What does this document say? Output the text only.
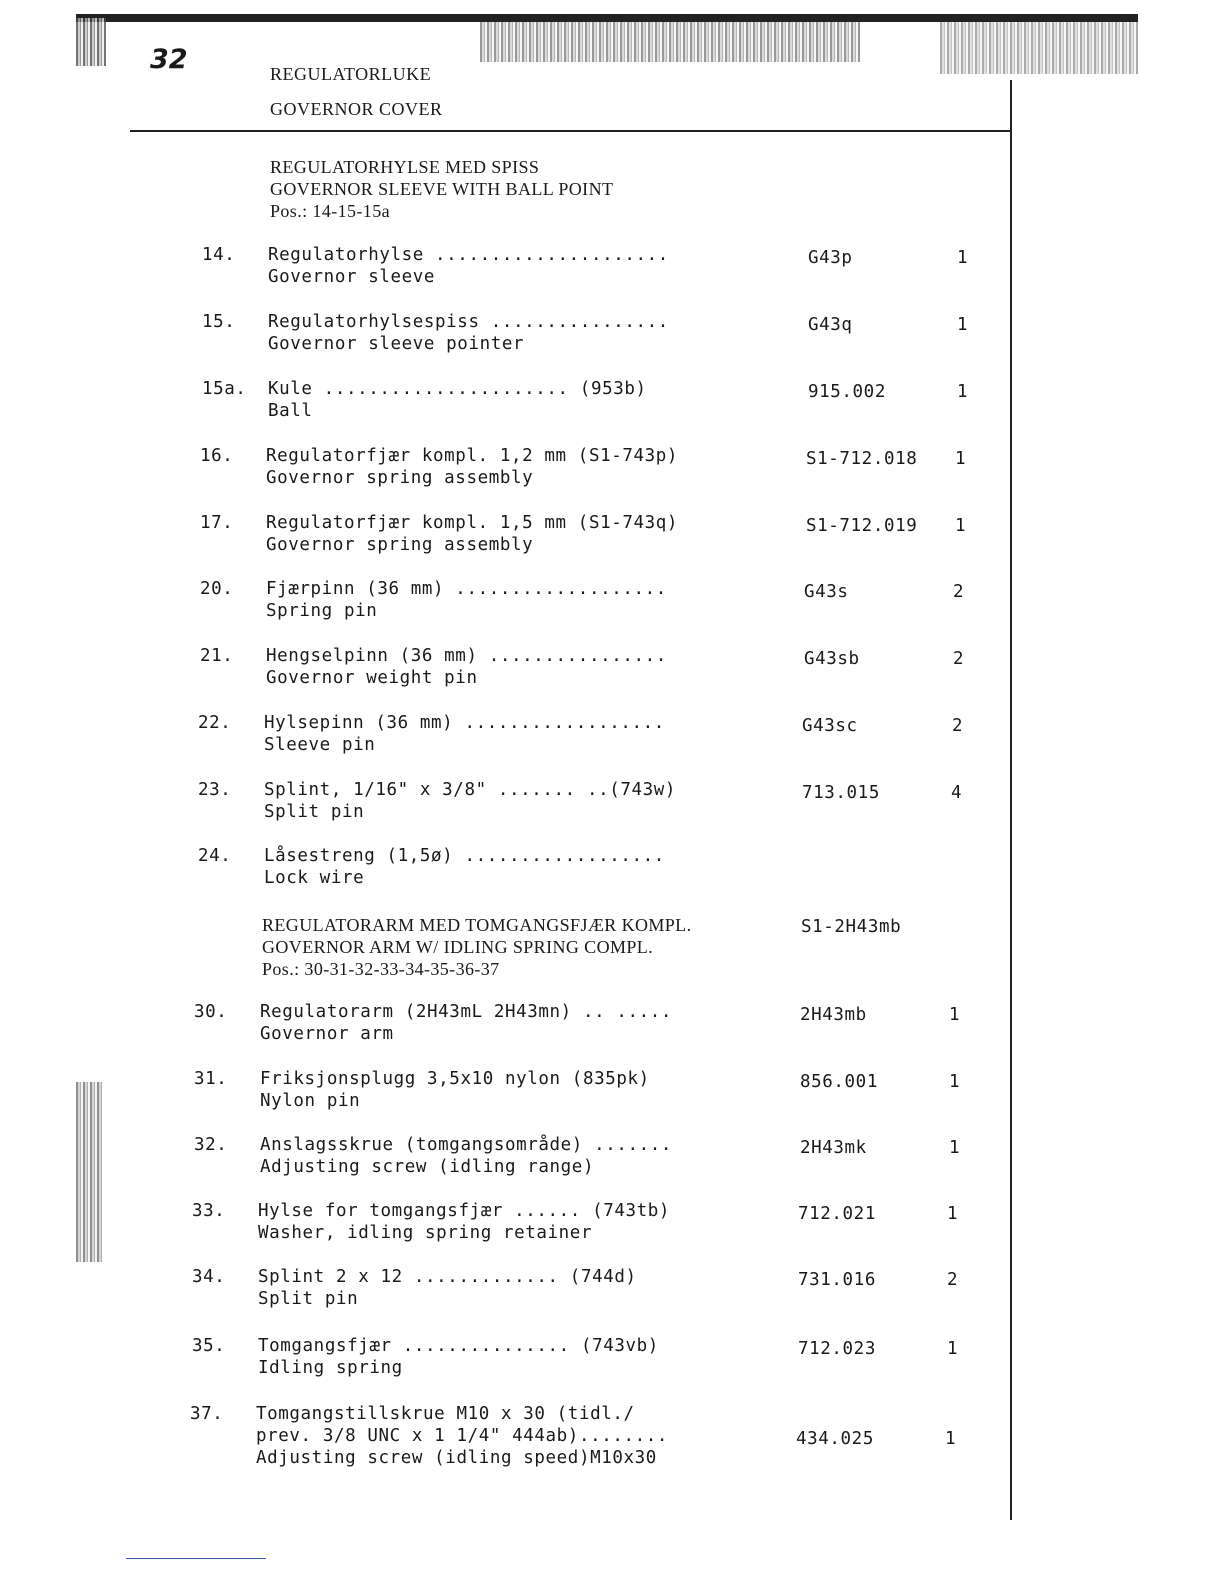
32	REGULATORLUKE
GOVERNOR COVER
REGULATORHYLSE MED SPISS
GOVERNOR SLEEVE WITH BALL POINT
Pos.: 14-15-15a
14. Regulatorhylse .....................
Governor sleeve
G43p	1
15. Regulatorhylsespiss ................
Governor sleeve pointer
G43q	1
15a. Kule ...................... (953b)
Ball
915.002	1
16. Regulatorfjær kompl. 1,2 mm (S1-743p)
Governor spring assembly
S1-712.018 1
17. Regulatorfjær kompl. 1,5 mm (S1-743q)
Governor spring assembly
S1-712.019 1
20. Fjærpinn (36 mm) ...................
Spring pin
G43s	2
21. Hengselpinn (36 mm) ................
Governor weight pin
G43sb	2
22. Hylsepinn (36 mm) ..................
Sleeve pin
G43sc	2
23. Splint, 1/16" x 3/8" ....... ..(743w)
Split pin
713.015	4
24. Låsestreng (1,5ø) ..................
Lock wire
REGULATORARM MED TOMGANGSFJÆR KOMPL.
GOVERNOR ARM W/ IDLING SPRING COMPL.
Pos.: 30-31-32-33-34-35-36-37
S1-2H43mb
30. Regulatorarm (2H43mL 2H43mn) .. .....
Governor arm
2H43mb	1
31. Friksjonsplugg 3,5x10 nylon (835pk)
Nylon pin
856.001	1
32. Anslagsskrue (tomgangsområde) .......
Adjusting screw (idling range)
2H43mk	1
33. Hylse for tomgangsfjær ...... (743tb)
Washer, idling spring retainer
712.021	1
34. Splint 2 x 12 ............. (744d)
Split pin
731.016	2
35. Tomgangsfjær ............... (743vb)
Idling spring
712.023	1
37. Tomgangstillskrue M10 x 30 (tidl./
prev. 3/8 UNC x 1 1/4" 444ab)........
Adjusting screw (idling speed)M10x30
434.025	1
